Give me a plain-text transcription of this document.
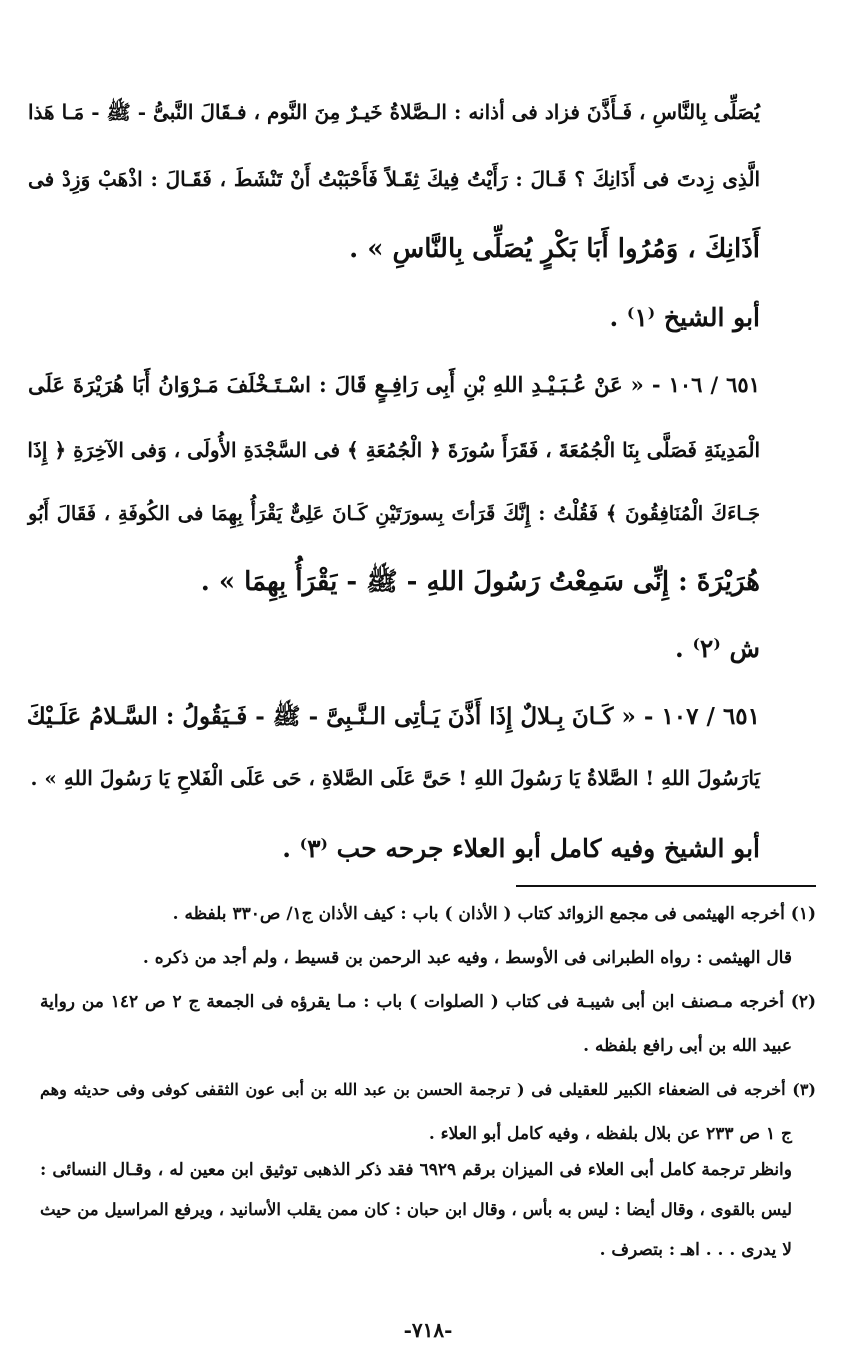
يُصَلِّى بِالنَّاسِ ، فَـأَذَّنَ فزاد فى أذانه : الـصَّلاةُ خَيـرٌ مِنَ النَّوم ، فـقَالَ النَّبىُّ - ﷺ - مَـا هَذا
الَّذِى زِدتَ فى أَذَانِكَ ؟ قَـالَ : رَأَيْتُ فِيكَ ثِقَـلاً فَأَحْبَبْتُ أَنْ تَنْشَطَ ، فَقَـالَ : اذْهَبْ وَزِدْ فى
أَذَانِكَ ، وَمُرُوا أَبَا بَكْرٍ يُصَلِّى بِالنَّاسِ » .
أبو الشيخ ⁽١⁾ .
٦٥١ / ١٠٦ - « عَنْ عُـبَـيْـدِ اللهِ بْنِ أَبِى رَافِـعٍ قَالَ : اسْـتَـخْلَفَ مَـرْوَانُ أَبَا هُرَيْرَةَ عَلَى
الْمَدِينَةِ فَصَلَّى بِنَا الْجُمُعَةَ ، فَقَرَأَ سُورَةَ ﴿ الْجُمُعَةِ ﴾ فى السَّجْدَةِ الأُولَى ، وَفى الآخِرَةِ ﴿ إِذَا
جَـاءَكَ الْمُنَافِقُونَ ﴾ فَقُلْتُ : إِنَّكَ قَرَأتَ بِسورَتَيْنِ كَـانَ عَلِىٌّ يَقْرَأُ بِهِمَا فى الكُوفَةِ ، فَقَالَ أَبُو
هُرَيْرَةَ : إِنِّى سَمِعْتُ رَسُولَ اللهِ - ﷺ - يَقْرَأُ بِهِمَا » .
ش ⁽٢⁾ .
٦٥١ / ١٠٧ - « كَـانَ بِـلالٌ إِذَا أَذَّنَ يَـأتِى الـنَّـبِىَّ - ﷺ - فَـيَقُولُ : السَّـلامُ عَلَـيْكَ
يَارَسُولَ اللهِ ! الصَّلاةُ يَا رَسُولَ اللهِ ! حَىَّ عَلَى الصَّلاةِ ، حَى عَلَى الْفَلاحِ يَا رَسُولَ اللهِ » .
أبو الشيخ وفيه كامل أبو العلاء جرحه حب ⁽٣⁾ .
(١) أخرجه الهيثمى فى مجمع الزوائد كتاب ( الأذان ) باب : كيف الأذان ج١/ ص٣٣٠ بلفظه .
قال الهيثمى : رواه الطبرانى فى الأوسط ، وفيه عبد الرحمن بن قسيط ، ولم أجد من ذكره .
(٢) أخرجه مـصنف ابن أبى شيبـة فى كتاب ( الصلوات ) باب : مـا يقرؤه فى الجمعة ج ٢ ص ١٤٢ من رواية
عبيد الله بن أبى رافع بلفظه .
(٣) أخرجه فى الضعفاء الكبير للعقيلى فى ( ترجمة الحسن بن عبد الله بن أبى عون الثقفى كوفى وفى حديثه وهم
ج ١ ص ٢٣٣ عن بلال بلفظه ، وفيه كامل أبو العلاء .
وانظر ترجمة كامل أبى العلاء فى الميزان برقم ٦٩٢٩ فقد ذكر الذهبى توثيق ابن معين له ، وقـال النسائى :
ليس بالقوى ، وقال أيضا : ليس به بأس ، وقال ابن حبان : كان ممن يقلب الأسانيد ، ويرفع المراسيل من حيث
لا يدرى . . . اهـ : بتصرف .
-٧١٨-
